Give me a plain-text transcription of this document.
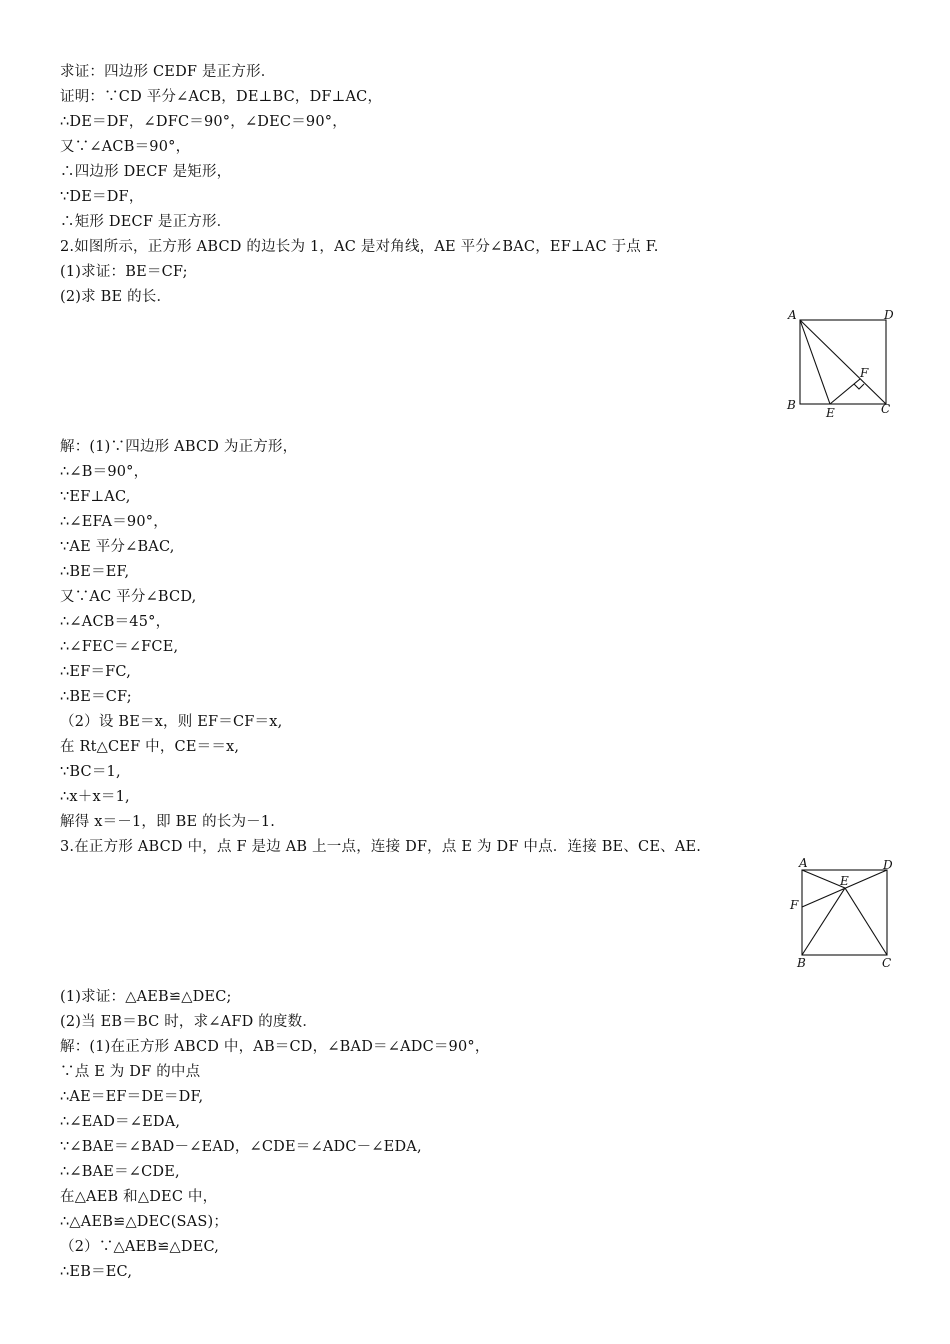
求证：四边形 CEDF 是正方形．
证明：∵CD 平分∠ACB，DE⊥BC，DF⊥AC，
∴DE＝DF，∠DFC＝90°，∠DEC＝90°，
又∵∠ACB＝90°，
∴四边形 DECF 是矩形，
∵DE＝DF，
∴矩形 DECF 是正方形．
2.如图所示，正方形 ABCD 的边长为 1，AC 是对角线，AE 平分∠BAC，EF⊥AC 于点 F.
(1)求证：BE＝CF;
(2)求 BE 的长．
A	D
F
B
E	C
解：(1)∵四边形 ABCD 为正方形，
∴∠B＝90°，
∵EF⊥AC,
∴∠EFA＝90°，
∵AE 平分∠BAC,
∴BE＝EF,
又∵AC 平分∠BCD,
∴∠ACB＝45°，
∴∠FEC＝∠FCE,
∴EF＝FC,
∴BE＝CF;
（2）设 BE＝x，则 EF＝CF＝x,
在 Rt△CEF 中，CE＝＝x,
∵BC＝1,
∴x＋x＝1,
解得 x＝－1，即 BE 的长为－1.
3.在正方形 ABCD 中，点 F 是边 AB 上一点，连接 DF，点 E 为 DF 中点．连接 BE、CE、AE.
A	D
E
F
B	C
(1)求证：△AEB≌△DEC;
(2)当 EB＝BC 时，求∠AFD 的度数．
解：(1)在正方形 ABCD 中，AB＝CD，∠BAD＝∠ADC＝90°，
∵点 E 为 DF 的中点
∴AE＝EF＝DE＝DF,
∴∠EAD＝∠EDA,
∵∠BAE＝∠BAD－∠EAD，∠CDE＝∠ADC－∠EDA,
∴∠BAE＝∠CDE,
在△AEB 和△DEC 中，
∴△AEB≌△DEC(SAS)；
（2）∵△AEB≌△DEC,
∴EB＝EC,
